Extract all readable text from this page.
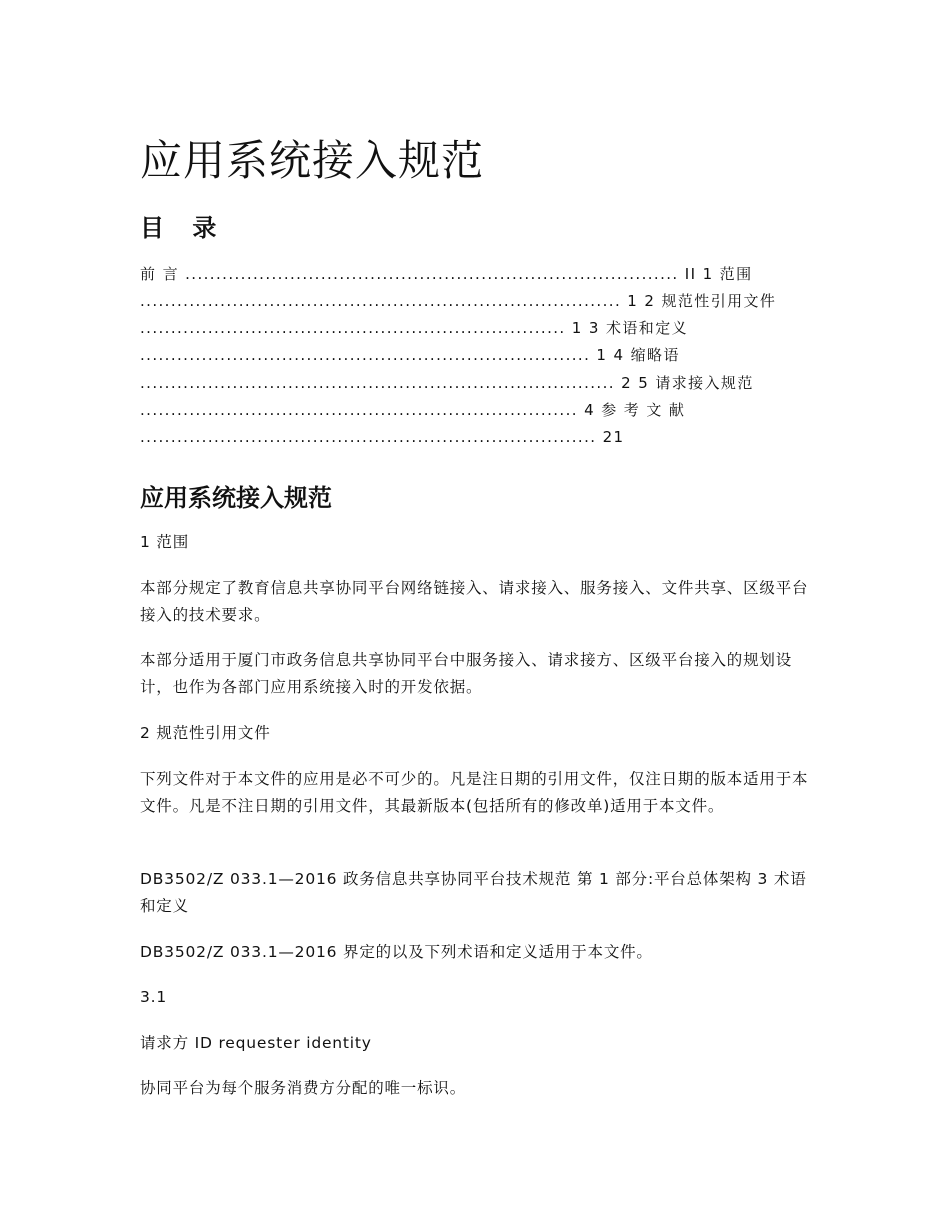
应用系统接入规范
目 录
前 言 ................................................................................ II 1 范围
.............................................................................. 1 2 规范性引用文件
..................................................................... 1 3 术语和定义
......................................................................... 1 4 缩略语
............................................................................. 2 5 请求接入规范
....................................................................... 4 参 考 文 献
.......................................................................... 21
应用系统接入规范

1 范围

本部分规定了教育信息共享协同平台网络链接入、请求接入、服务接入、文件共享、区级平台接入的技术要求。

本部分适用于厦门市政务信息共享协同平台中服务接入、请求接方、区级平台接入的规划设计，也作为各部门应用系统接入时的开发依据。

2 规范性引用文件

下列文件对于本文件的应用是必不可少的。凡是注日期的引用文件，仅注日期的版本适用于本文件。凡是不注日期的引用文件，其最新版本(包括所有的修改单)适用于本文件。

DB3502/Z 033.1—2016 政务信息共享协同平台技术规范 第 1 部分:平台总体架构 3 术语和定义

DB3502/Z 033.1—2016 界定的以及下列术语和定义适用于本文件。

3.1

请求方 ID requester identity

协同平台为每个服务消费方分配的唯一标识。
